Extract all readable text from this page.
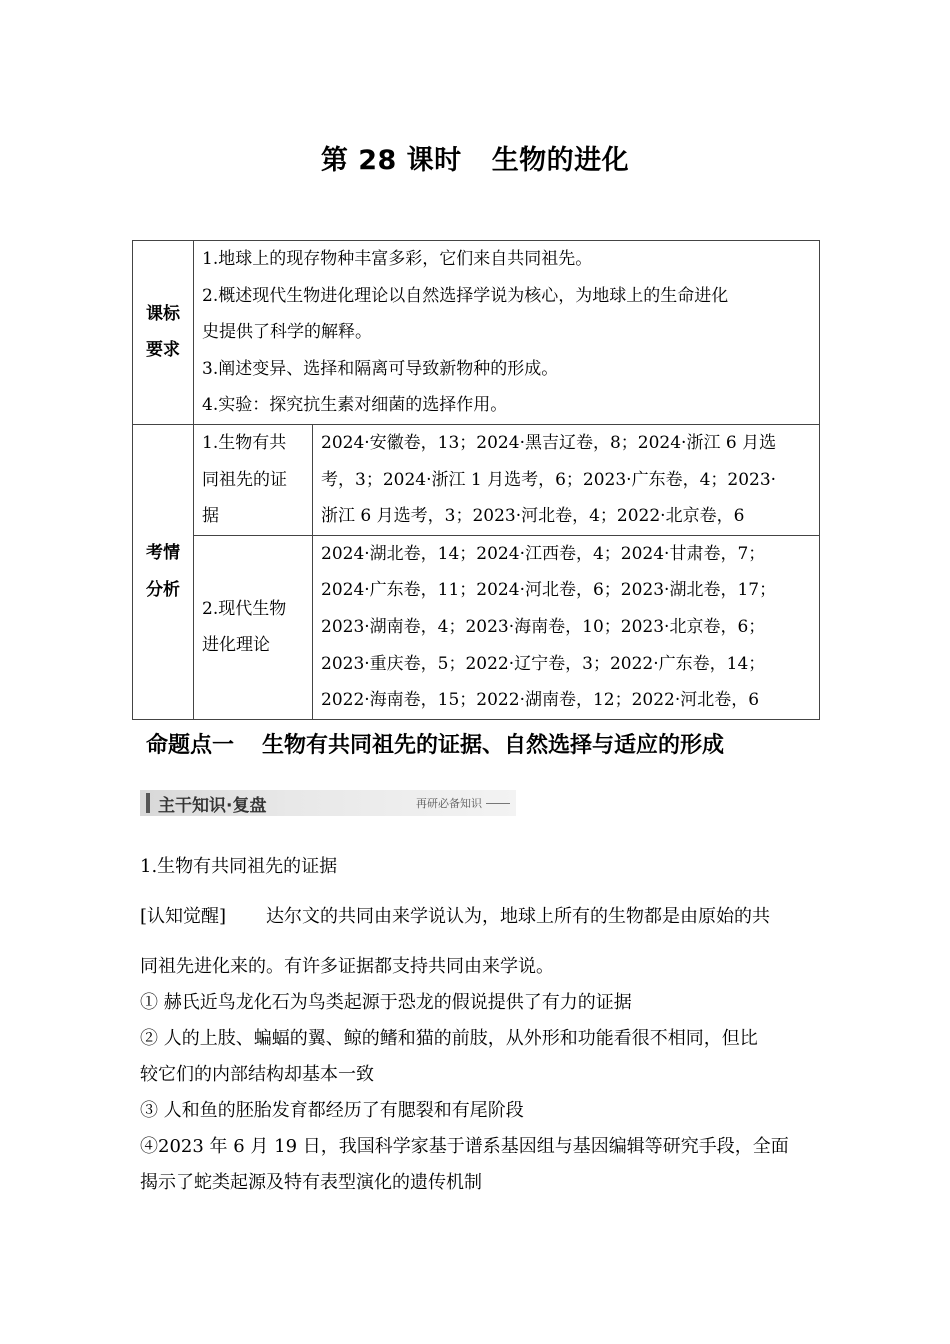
第 28 课时 生物的进化
课标
要求	1.地球上的现存物种丰富多彩，它们来自共同祖先。
2.概述现代生物进化理论以自然选择学说为核心，为地球上的生命进化
史提供了科学的解释。
3.阐述变异、选择和隔离可导致新物种的形成。
4.实验：探究抗生素对细菌的选择作用。	

考情
分析	1.生物有共
同祖先的证
据	2024·安徽卷，13；2024·黑吉辽卷，8；2024·浙江 6 月选
考，3；2024·浙江 1 月选考，6；2023·广东卷，4；2023·
浙江 6 月选考，3；2023·河北卷，4；2022·北京卷，6

	2.现代生物
进化理论	2024·湖北卷，14；2024·江西卷，4；2024·甘肃卷，7；
2024·广东卷，11；2024·河北卷，6；2023·湖北卷，17；
2023·湖南卷，4；2023·海南卷，10；2023·北京卷，6；
2023·重庆卷，5；2022·辽宁卷，3；2022·广东卷，14；
2022·海南卷，15；2022·湖南卷，12；2022·河北卷，6
命题点一 生物有共同祖先的证据、自然选择与适应的形成
主干知识·复盘	再研必备知识
1.生物有共同祖先的证据
[认知觉醒] 达尔文的共同由来学说认为，地球上所有的生物都是由原始的共
同祖先进化来的。有许多证据都支持共同由来学说。
① 赫氏近鸟龙化石为鸟类起源于恐龙的假说提供了有力的证据
② 人的上肢、蝙蝠的翼、鲸的鳍和猫的前肢，从外形和功能看很不相同，但比
较它们的内部结构却基本一致
③ 人和鱼的胚胎发育都经历了有腮裂和有尾阶段
④2023 年 6 月 19 日，我国科学家基于谱系基因组与基因编辑等研究手段，全面
揭示了蛇类起源及特有表型演化的遗传机制
